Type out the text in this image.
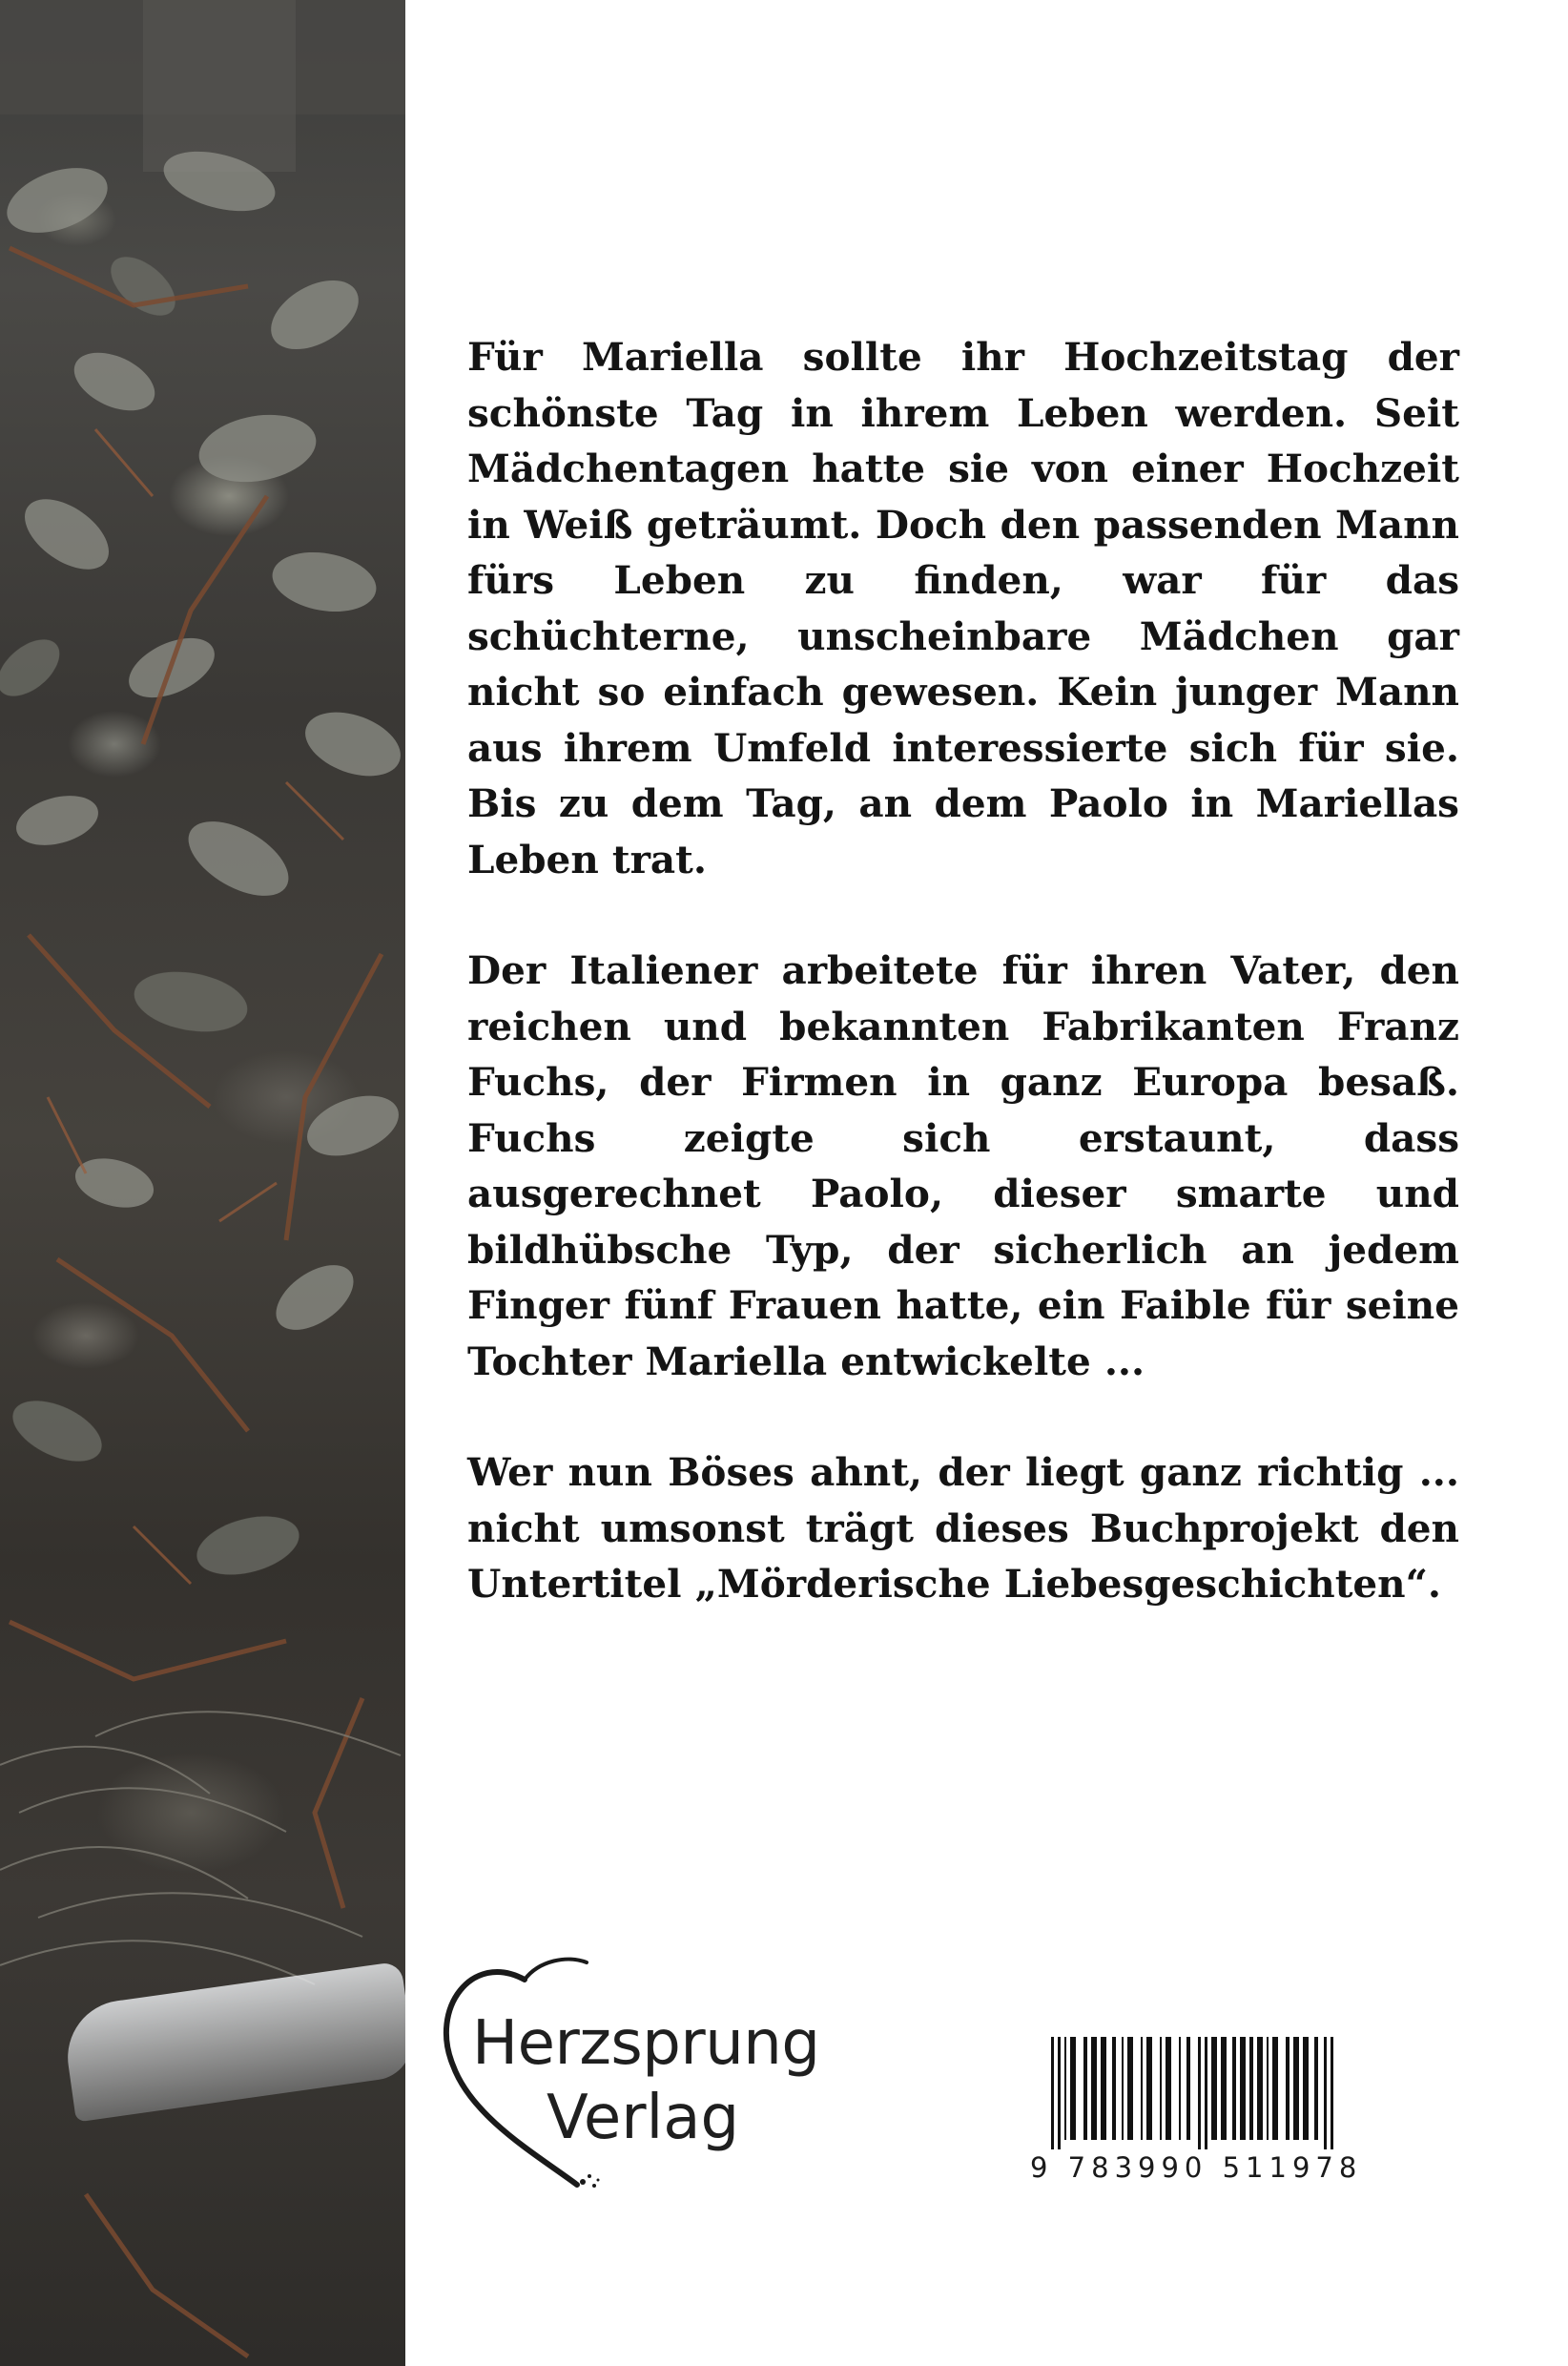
Für Mariella sollte ihr Hochzeitstag der schönste Tag in ihrem Leben werden. Seit Mädchentagen hatte sie von einer Hochzeit in Weiß geträumt. Doch den passenden Mann fürs Leben zu finden, war für das schüchterne, unscheinbare Mädchen gar nicht so einfach gewesen. Kein junger Mann aus ihrem Umfeld interessierte sich für sie. Bis zu dem Tag, an dem Paolo in Mariellas Leben trat.

Der Italiener arbeitete für ihren Vater, den reichen und bekannten Fabrikanten Franz Fuchs, der Firmen in ganz Europa besaß. Fuchs zeigte sich erstaunt, dass ausgerechnet Paolo, dieser smarte und bildhübsche Typ, der sicherlich an jedem Finger fünf Frauen hatte, ein Faible für seine Tochter Mariella entwickelte ...

Wer nun Böses ahnt, der liegt ganz richtig ... nicht umsonst trägt dieses Buchprojekt den Untertitel „Mörderische Liebesgeschichten“.

Herzsprung
Verlag
9 783990 511978
